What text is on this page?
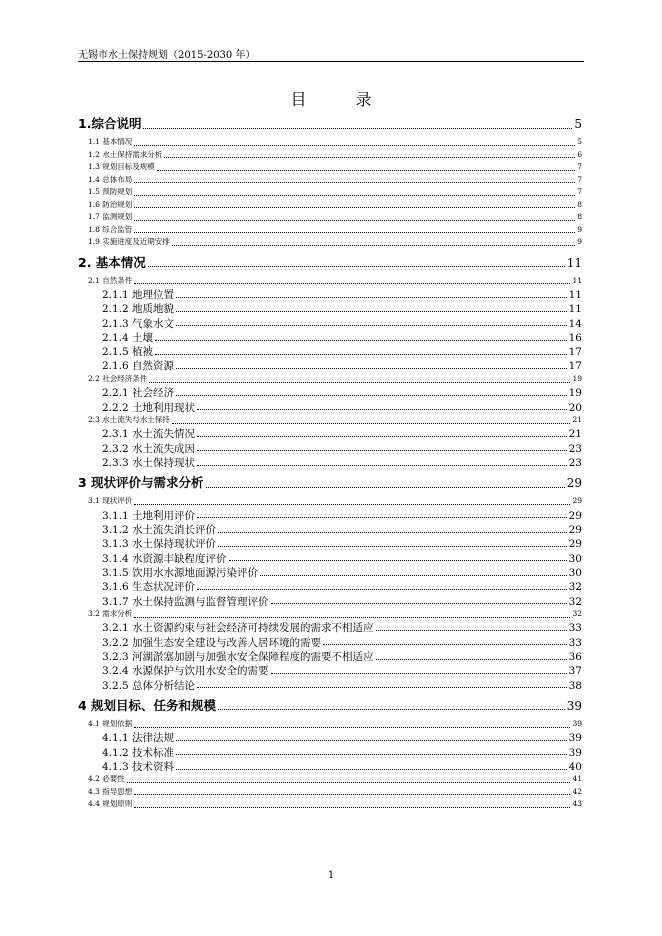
无锡市水土保持规划（2015-2030 年）
目 录
1.综合说明	5
1.1 基本情况	5
1.2 水土保持需求分析	6
1.3 规划目标及规模	7
1.4 总体布局	7
1.5 预防规划	7
1.6 防治规划	8
1.7 监测规划	8
1.8 综合监管	9
1.9 实施进度及近期安排	9
2. 基本情况	11
2.1 自然条件	11
2.1.1 地理位置	11
2.1.2 地质地貌	11
2.1.3 气象水文	14
2.1.4 土壤	16
2.1.5 植被	17
2.1.6 自然资源	17
2.2 社会经济条件	19
2.2.1 社会经济	19
2.2.2 土地利用现状	20
2.3 水土流失与水土保持	21
2.3.1 水土流失情况	21
2.3.2 水土流失成因	23
2.3.3 水土保持现状	23
3 现状评价与需求分析	29
3.1 现状评价	29
3.1.1 土地利用评价	29
3.1.2 水土流失消长评价	29
3.1.3 水土保持现状评价	29
3.1.4 水资源丰缺程度评价	30
3.1.5 饮用水水源地面源污染评价	30
3.1.6 生态状况评价	32
3.1.7 水土保持监测与监督管理评价	32
3.2 需求分析	32
3.2.1 水土资源约束与社会经济可持续发展的需求不相适应	33
3.2.2 加强生态安全建设与改善人居环境的需要	33
3.2.3 河湖淤塞加剧与加强水安全保障程度的需要不相适应	36
3.2.4 水源保护与饮用水安全的需要	37
3.2.5 总体分析结论	38
4 规划目标、任务和规模	39
4.1 规划依据	39
4.1.1 法律法规	39
4.1.2 技术标准	39
4.1.3 技术资料	40
4.2 必要性	41
4.3 指导思想	42
4.4 规划原则	43
1
